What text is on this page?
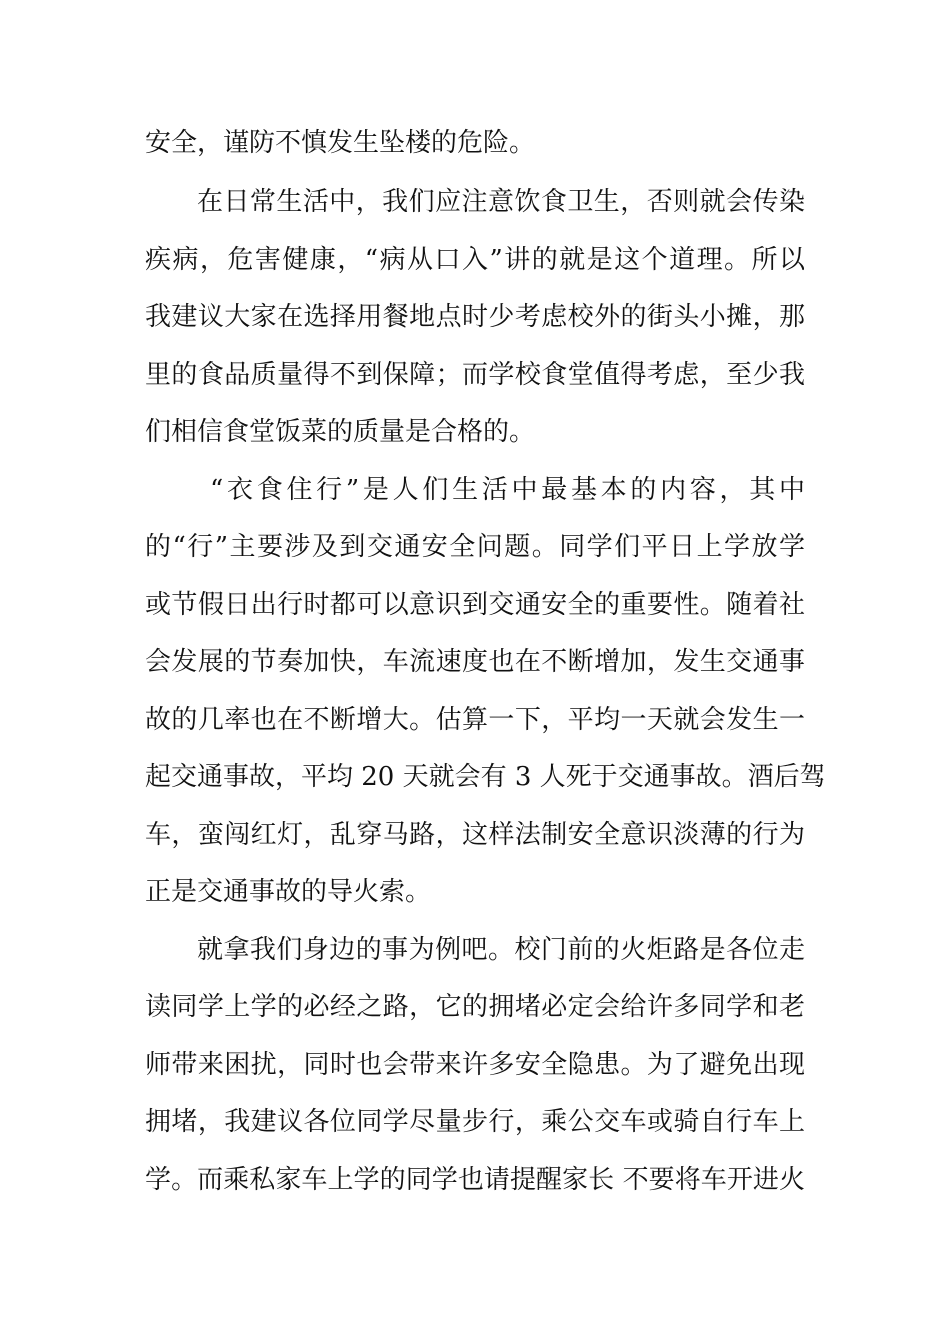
安全，谨防不慎发生坠楼的危险。
在日常生活中，我们应注意饮食卫生，否则就会传染
疾病，危害健康，“病从口入”讲的就是这个道理。所以
我建议大家在选择用餐地点时少考虑校外的街头小摊，那
里的食品质量得不到保障；而学校食堂值得考虑，至少我
们相信食堂饭菜的质量是合格的。
“衣食住行”是人们生活中最基本的内容，其中
的“行”主要涉及到交通安全问题。同学们平日上学放学
或节假日出行时都可以意识到交通安全的重要性。随着社
会发展的节奏加快，车流速度也在不断增加，发生交通事
故的几率也在不断增大。估算一下，平均一天就会发生一
起交通事故，平均 20 天就会有 3 人死于交通事故。酒后驾
车，蛮闯红灯，乱穿马路，这样法制安全意识淡薄的行为
正是交通事故的导火索。
就拿我们身边的事为例吧。校门前的火炬路是各位走
读同学上学的必经之路，它的拥堵必定会给许多同学和老
师带来困扰，同时也会带来许多安全隐患。为了避免出现
拥堵，我建议各位同学尽量步行，乘公交车或骑自行车上
学。而乘私家车上学的同学也请提醒家长 不要将车开进火
